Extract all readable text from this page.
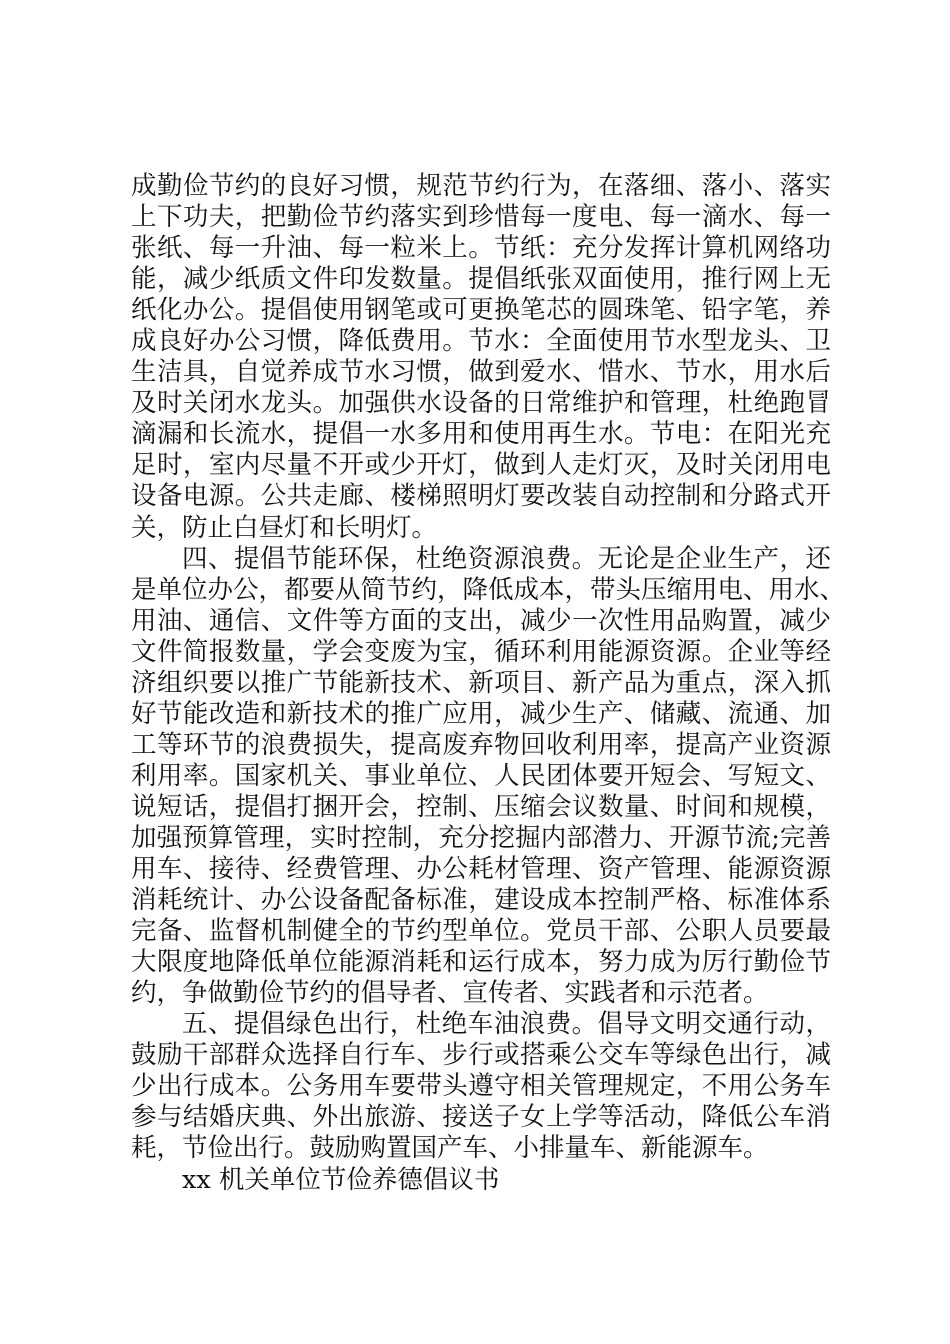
成勤俭节约的良好习惯，规范节约行为，在落细、落小、落实
上下功夫，把勤俭节约落实到珍惜每一度电、每一滴水、每一
张纸、每一升油、每一粒米上。节纸：充分发挥计算机网络功
能，减少纸质文件印发数量。提倡纸张双面使用，推行网上无
纸化办公。提倡使用钢笔或可更换笔芯的圆珠笔、铅字笔，养
成良好办公习惯，降低费用。节水：全面使用节水型龙头、卫
生洁具，自觉养成节水习惯，做到爱水、惜水、节水，用水后
及时关闭水龙头。加强供水设备的日常维护和管理，杜绝跑冒
滴漏和长流水，提倡一水多用和使用再生水。节电：在阳光充
足时，室内尽量不开或少开灯，做到人走灯灭，及时关闭用电
设备电源。公共走廊、楼梯照明灯要改装自动控制和分路式开
关，防止白昼灯和长明灯。
四、提倡节能环保，杜绝资源浪费。无论是企业生产，还
是单位办公，都要从简节约，降低成本，带头压缩用电、用水、
用油、通信、文件等方面的支出，减少一次性用品购置，减少
文件简报数量，学会变废为宝，循环利用能源资源。企业等经
济组织要以推广节能新技术、新项目、新产品为重点，深入抓
好节能改造和新技术的推广应用，减少生产、储藏、流通、加
工等环节的浪费损失，提高废弃物回收利用率，提高产业资源
利用率。国家机关、事业单位、人民团体要开短会、写短文、
说短话，提倡打捆开会，控制、压缩会议数量、时间和规模，
加强预算管理，实时控制，充分挖掘内部潜力、开源节流;完善
用车、接待、经费管理、办公耗材管理、资产管理、能源资源
消耗统计、办公设备配备标准，建设成本控制严格、标准体系
完备、监督机制健全的节约型单位。党员干部、公职人员要最
大限度地降低单位能源消耗和运行成本，努力成为厉行勤俭节
约，争做勤俭节约的倡导者、宣传者、实践者和示范者。
五、提倡绿色出行，杜绝车油浪费。倡导文明交通行动，
鼓励干部群众选择自行车、步行或搭乘公交车等绿色出行，减
少出行成本。公务用车要带头遵守相关管理规定，不用公务车
参与结婚庆典、外出旅游、接送子女上学等活动，降低公车消
耗，节俭出行。鼓励购置国产车、小排量车、新能源车。
xx 机关单位节俭养德倡议书
